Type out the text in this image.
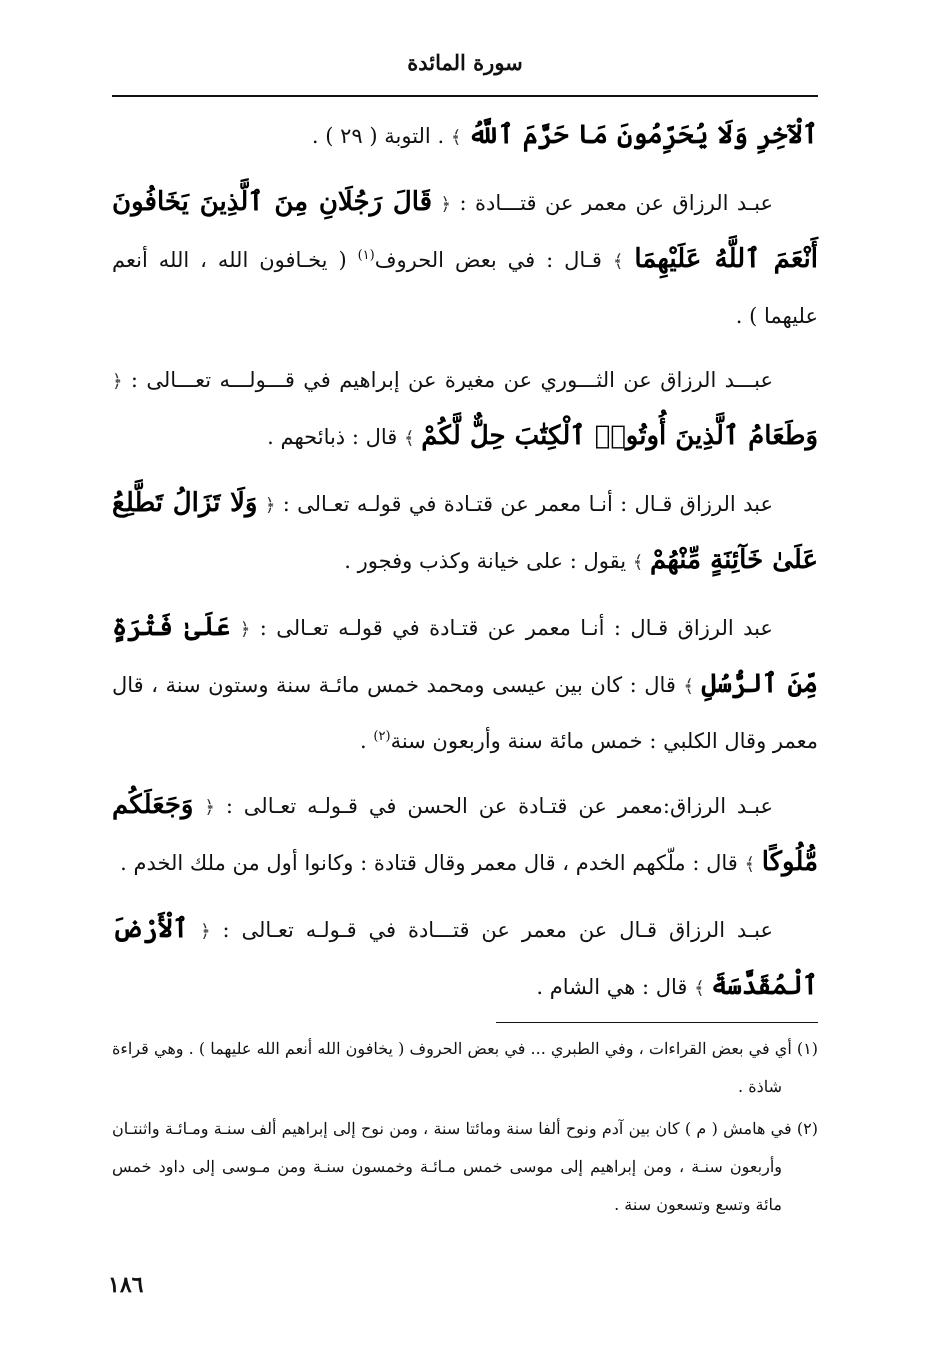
سورة المائدة

ٱلْآخِرِ وَلَا يُحَرِّمُونَ مَا حَرَّمَ ٱللَّهُ ﴾ . التوبة ( ٢٩ ) .

عبـد الرزاق عن معمر عن قتـــادة : ﴿ قَالَ رَجُلَانِ مِنَ ٱلَّذِينَ يَخَافُونَ أَنْعَمَ ٱللَّهُ عَلَيْهِمَا ﴾ قـال : في بعض الحروف$^{(١)}$ ( يخـافون الله ، الله أنعم عليهما ) .

عبـــد الرزاق عن الثـــوري عن مغيرة عن إبراهيم في قـــولـــه تعـــالى : ﴿ وَطَعَامُ ٱلَّذِينَ أُوتُوا۟ ٱلْكِتَٰبَ حِلٌّ لَّكُمْ ﴾ قال : ذبائحهم .

عبد الرزاق قـال : أنـا معمر عن قتـادة في قولـه تعـالى : ﴿ وَلَا تَزَالُ تَطَّلِعُ عَلَىٰ خَآئِنَةٍ مِّنْهُمْ ﴾ يقول : على خيانة وكذب وفجور .

عبد الرزاق قـال : أنـا معمر عن قتـادة في قولـه تعـالى : ﴿ عَلَىٰ فَتْرَةٍ مِّنَ ٱلرُّسُلِ ﴾ قال : كان بين عيسى ومحمد خمس مائـة سنة وستون سنة ، قال معمر وقال الكلبي : خمس مائة سنة وأربعون سنة$^{(٢)}$ .

عبـد الرزاق:معمر عن قتـادة عن الحسن في قـولـه تعـالى : ﴿ وَجَعَلَكُم مُّلُوكًا ﴾ قال : ملّكهم الخدم ، قال معمر وقال قتادة : وكانوا أول من ملك الخدم .

عبـد الرزاق قـال عن معمر عن قتـــادة في قـولـه تعـالى : ﴿ ٱلْأَرْضَ ٱلْمُقَدَّسَةَ ﴾ قال : هي الشام .

(١) أي في بعض القراءات ، وفي الطبري ... في بعض الحروف ( يخافون الله أنعم الله عليهما ) . وهي قراءة شاذة .

(٢) في هامش ( م ) كان بين آدم ونوح ألفا سنة ومائتا سنة ، ومن نوح إلى إبراهيم ألف سنـة ومـائـة واثنتـان وأربعون سنـة ، ومن إبراهيم إلى موسى خمس مـائـة وخمسون سنـة ومن مـوسى إلى داود خمس مائة وتسع وتسعون سنة .

١٨٦
